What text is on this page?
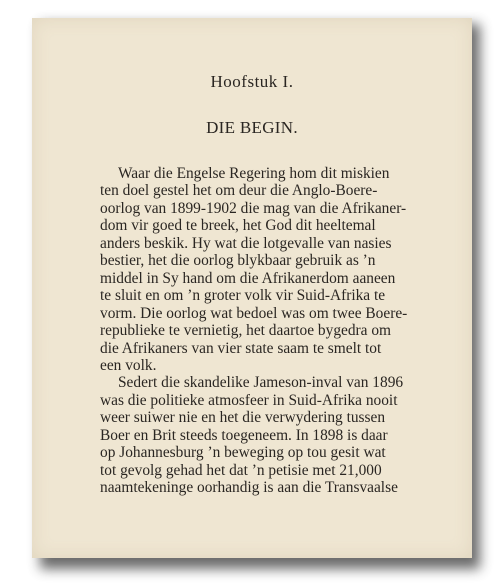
Hoofstuk I.
DIE BEGIN.
Waar die Engelse Regering hom dit miskien
ten doel gestel het om deur die Anglo-Boere-
oorlog van 1899-1902 die mag van die Afrikaner-
dom vir goed te breek, het God dit heeltemal
anders beskik. Hy wat die lotgevalle van nasies
bestier, het die oorlog blykbaar gebruik as ’n
middel in Sy hand om die Afrikanerdom aaneen
te sluit en om ’n groter volk vir Suid-Afrika te
vorm. Die oorlog wat bedoel was om twee Boere-
republieke te vernietig, het daartoe bygedra om
die Afrikaners van vier state saam te smelt tot
een volk.
Sedert die skandelike Jameson-inval van 1896
was die politieke atmosfeer in Suid-Afrika nooit
weer suiwer nie en het die verwydering tussen
Boer en Brit steeds toegeneem. In 1898 is daar
op Johannesburg ’n beweging op tou gesit wat
tot gevolg gehad het dat ’n petisie met 21,000
naamtekeninge oorhandig is aan die Transvaalse
